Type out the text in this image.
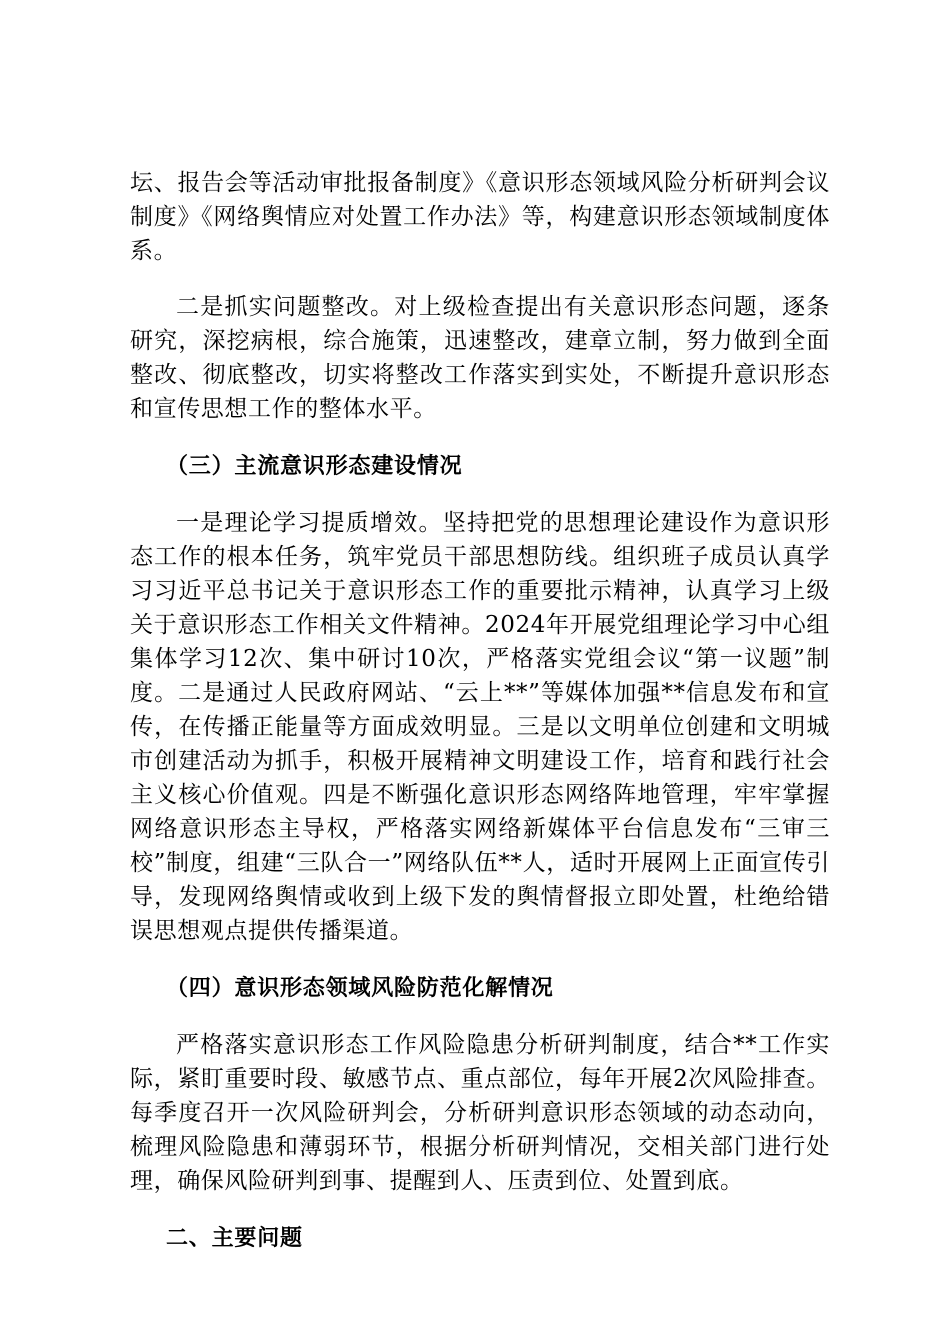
坛、报告会等活动审批报备制度》《意识形态领域风险分析研判会议制度》《网络舆情应对处置工作办法》等，构建意识形态领域制度体系。

二是抓实问题整改。对上级检查提出有关意识形态问题，逐条研究，深挖病根，综合施策，迅速整改，建章立制，努力做到全面整改、彻底整改，切实将整改工作落实到实处，不断提升意识形态和宣传思想工作的整体水平。

（三）主流意识形态建设情况

一是理论学习提质增效。坚持把党的思想理论建设作为意识形态工作的根本任务，筑牢党员干部思想防线。组织班子成员认真学习习近平总书记关于意识形态工作的重要批示精神，认真学习上级关于意识形态工作相关文件精神。2024年开展党组理论学习中心组集体学习12次、集中研讨10次，严格落实党组会议“第一议题”制度。二是通过人民政府网站、“云上**”等媒体加强**信息发布和宣传，在传播正能量等方面成效明显。三是以文明单位创建和文明城市创建活动为抓手，积极开展精神文明建设工作，培育和践行社会主义核心价值观。四是不断强化意识形态网络阵地管理，牢牢掌握网络意识形态主导权，严格落实网络新媒体平台信息发布“三审三校”制度，组建“三队合一”网络队伍**人，适时开展网上正面宣传引导，发现网络舆情或收到上级下发的舆情督报立即处置，杜绝给错误思想观点提供传播渠道。

（四）意识形态领域风险防范化解情况

严格落实意识形态工作风险隐患分析研判制度，结合**工作实际，紧盯重要时段、敏感节点、重点部位，每年开展2次风险排查。每季度召开一次风险研判会，分析研判意识形态领域的动态动向，梳理风险隐患和薄弱环节，根据分析研判情况，交相关部门进行处理，确保风险研判到事、提醒到人、压责到位、处置到底。

二、主要问题
